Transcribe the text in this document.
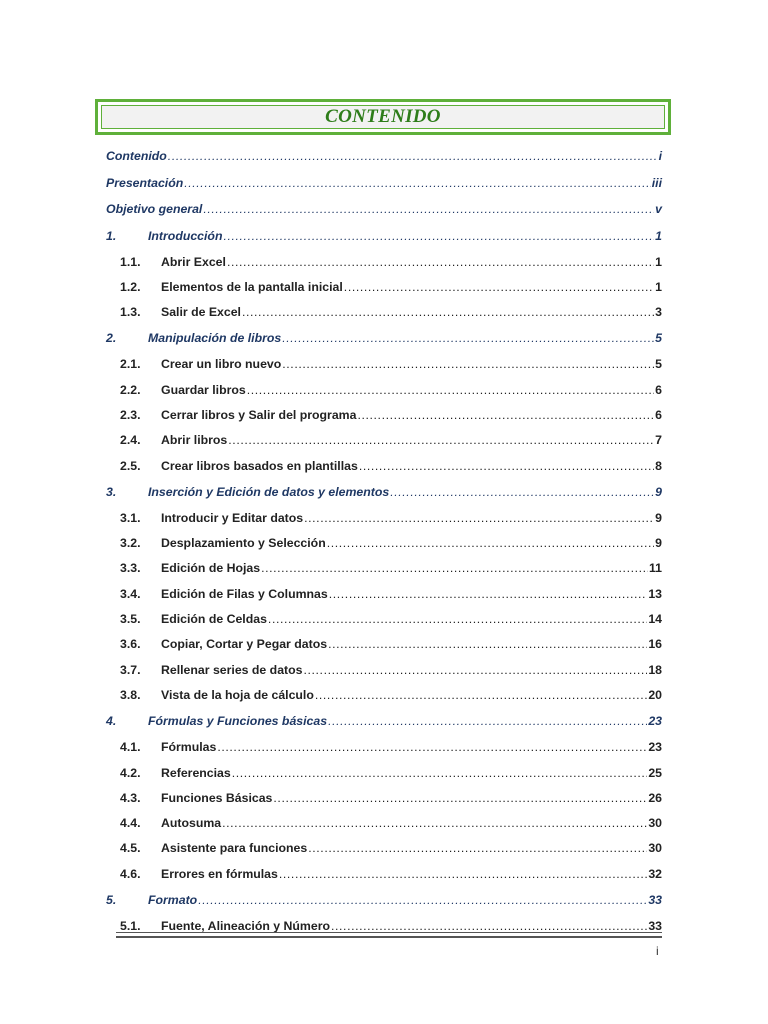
CONTENIDO
Contenido .....	i
Presentación .....	iii
Objetivo general .....	v
1.	Introducción .....	1
1.1.	Abrir Excel .....	1
1.2.	Elementos de la pantalla inicial .....	1
1.3.	Salir de Excel .....	3
2.	Manipulación de libros .....	5
2.1.	Crear un libro nuevo .....	5
2.2.	Guardar libros .....	6
2.3.	Cerrar libros y Salir del programa .....	6
2.4.	Abrir libros .....	7
2.5.	Crear libros basados en plantillas .....	8
3.	Inserción y Edición de datos y elementos .....	9
3.1.	Introducir y Editar datos .....	9
3.2.	Desplazamiento y Selección .....	9
3.3.	Edición de Hojas .....	11
3.4.	Edición de Filas y Columnas .....	13
3.5.	Edición de Celdas .....	14
3.6.	Copiar, Cortar y Pegar datos .....	16
3.7.	Rellenar series de datos .....	18
3.8.	Vista de la hoja de cálculo .....	20
4.	Fórmulas y Funciones básicas .....	23
4.1.	Fórmulas .....	23
4.2.	Referencias .....	25
4.3.	Funciones Básicas .....	26
4.4.	Autosuma .....	30
4.5.	Asistente para funciones .....	30
4.6.	Errores en fórmulas .....	32
5.	Formato .....	33
5.1.	Fuente, Alineación y Número .....	33
i
